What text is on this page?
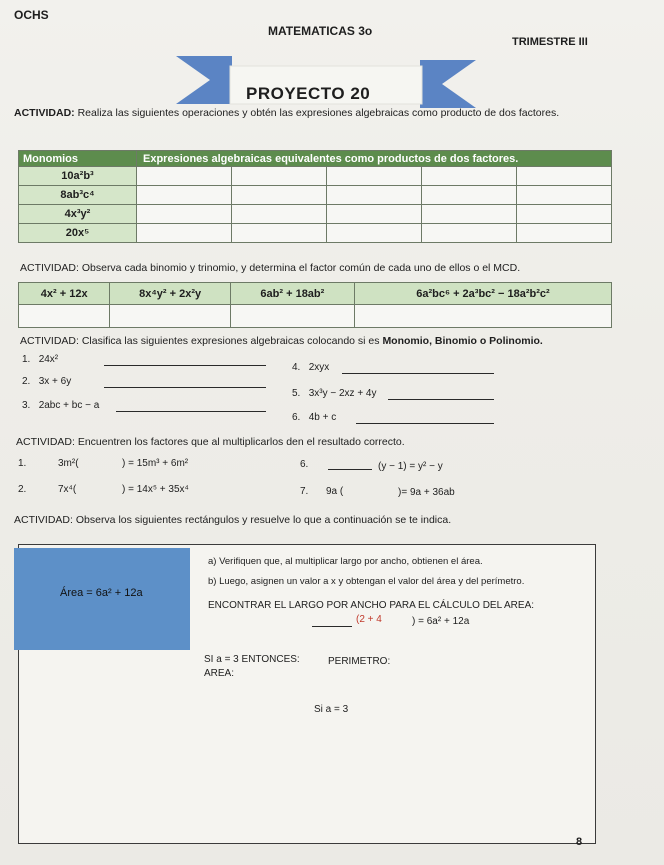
OCHS
MATEMATICAS 3o
TRIMESTRE III
PROYECTO 20
ACTIVIDAD: Realiza las siguientes operaciones y obtén las expresiones algebraicas como producto de dos factores.
Monomios	Expresiones algebraicas equivalentes como productos de dos factores.				
10a²b³					
8ab³c⁴					
4x³y²					
20x⁵					
ACTIVIDAD: Observa cada binomio y trinomio, y determina el factor común de cada uno de ellos o el MCD.
4x² + 12x	8x⁴y² + 2x²y	6ab² + 18ab²	6a²bc⁶ + 2a³bc² − 18a²b²c²

ACTIVIDAD: Clasifica las siguientes expresiones algebraicas colocando si es Monomio, Binomio o Polinomio.
1. 24x²
2. 3x + 6y
3. 2abc + bc − a
4. 2xyx
5. 3x³y − 2xz + 4y
6. 4b + c
ACTIVIDAD: Encuentren los factores que al multiplicarlos den el resultado correcto.
1.	3m²(	) = 15m³ + 6m²
2.	7x⁴(	) = 14x⁵ + 35x⁴
6.	(y − 1) = y² − y
7. 9a (	)= 9a + 36ab
ACTIVIDAD: Observa los siguientes rectángulos y resuelve lo que a continuación se te indica.
Área = 6a² + 12a
a) Verifiquen que, al multiplicar largo por ancho, obtienen el área.
b) Luego, asignen un valor a x y obtengan el valor del área y del perímetro.
ENCONTRAR EL LARGO POR ANCHO PARA EL CÁLCULO DEL AREA:
(2 + 4	) = 6a² + 12a
SI a = 3 ENTONCES:	PERIMETRO:
AREA:
Si a = 3
8
